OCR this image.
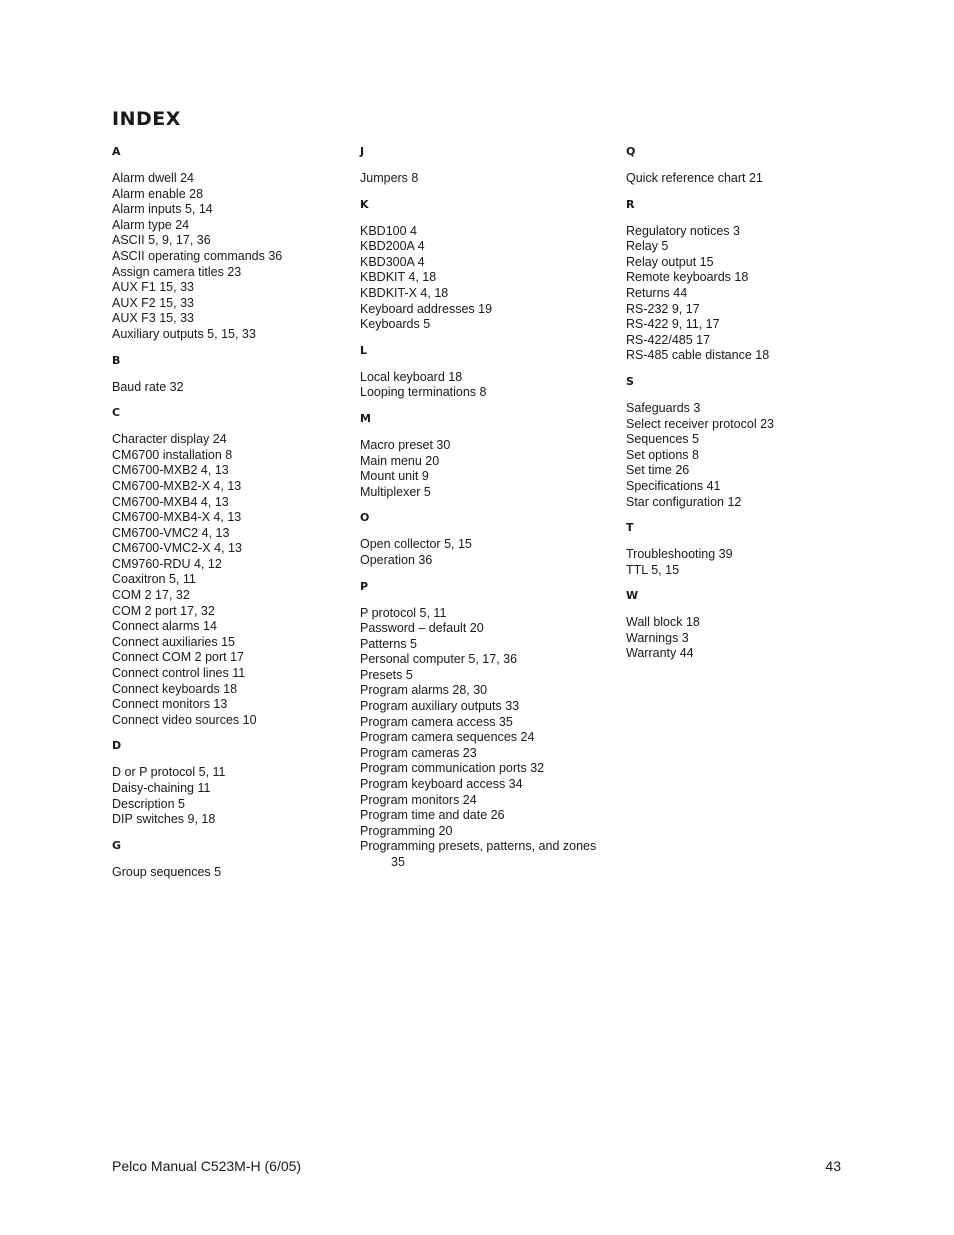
INDEX
A
Alarm dwell 24
Alarm enable 28
Alarm inputs 5, 14
Alarm type 24
ASCII 5, 9, 17, 36
ASCII operating commands 36
Assign camera titles 23
AUX F1 15, 33
AUX F2 15, 33
AUX F3 15, 33
Auxiliary outputs 5, 15, 33
B
Baud rate 32
C
Character display 24
CM6700 installation 8
CM6700-MXB2 4, 13
CM6700-MXB2-X 4, 13
CM6700-MXB4 4, 13
CM6700-MXB4-X 4, 13
CM6700-VMC2 4, 13
CM6700-VMC2-X 4, 13
CM9760-RDU 4, 12
Coaxitron 5, 11
COM 2 17, 32
COM 2 port 17, 32
Connect alarms 14
Connect auxiliaries 15
Connect COM 2 port 17
Connect control lines 11
Connect keyboards 18
Connect monitors 13
Connect video sources 10
D
D or P protocol 5, 11
Daisy-chaining 11
Description 5
DIP switches 9, 18
G
Group sequences 5
J
Jumpers 8
K
KBD100 4
KBD200A 4
KBD300A 4
KBDKIT 4, 18
KBDKIT-X 4, 18
Keyboard addresses 19
Keyboards 5
L
Local keyboard 18
Looping terminations 8
M
Macro preset 30
Main menu 20
Mount unit 9
Multiplexer 5
O
Open collector 5, 15
Operation 36
P
P protocol 5, 11
Password – default 20
Patterns 5
Personal computer 5, 17, 36
Presets 5
Program alarms 28, 30
Program auxiliary outputs 33
Program camera access 35
Program camera sequences 24
Program cameras 23
Program communication ports 32
Program keyboard access 34
Program monitors 24
Program time and date 26
Programming 20
Programming presets, patterns, and zones
35
Q
Quick reference chart 21
R
Regulatory notices 3
Relay 5
Relay output 15
Remote keyboards 18
Returns 44
RS-232 9, 17
RS-422 9, 11, 17
RS-422/485 17
RS-485 cable distance 18
S
Safeguards 3
Select receiver protocol 23
Sequences 5
Set options 8
Set time 26
Specifications 41
Star configuration 12
T
Troubleshooting 39
TTL 5, 15
W
Wall block 18
Warnings 3
Warranty 44
Pelco Manual C523M-H (6/05)	43
